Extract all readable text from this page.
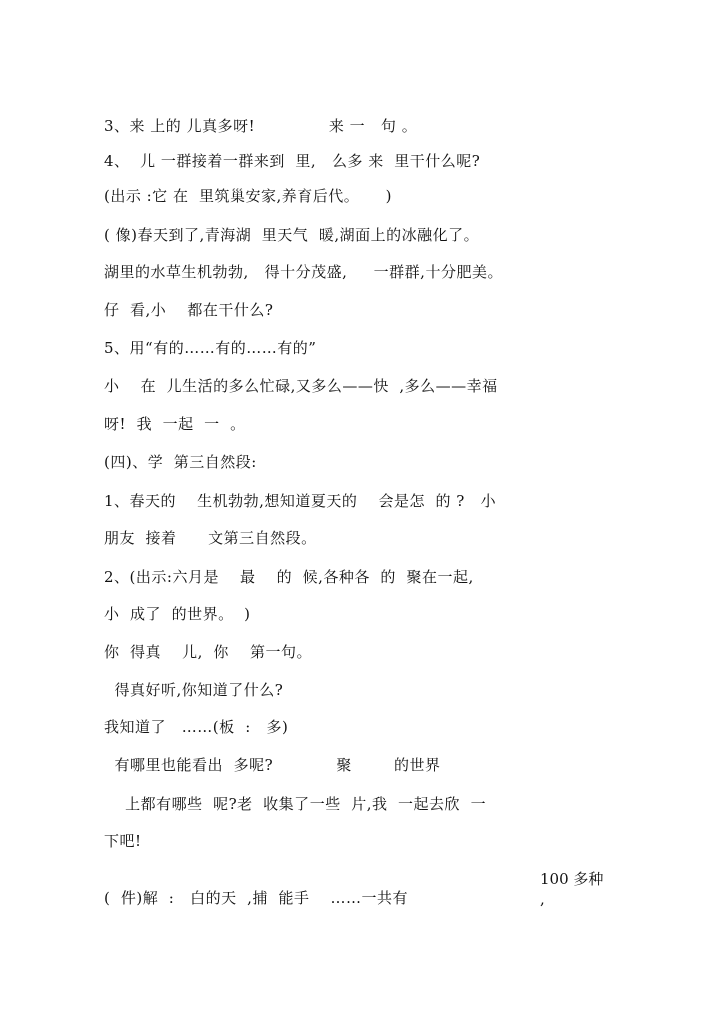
3、来 上的 儿真多呀!              来 一   句 。
4、  儿 一群接着一群来到  里,   么多 来  里干什么呢?
(出示 :它 在  里筑巢安家,养育后代。     )
( 像)春天到了,青海湖  里天气  暖,湖面上的冰融化了。
湖里的水草生机勃勃,   得十分茂盛,     一群群,十分肥美。
仔  看,小    都在干什么?
5、用“有的……有的……有的”
小    在  儿生活的多么忙碌,又多么——快  ,多么——幸福
呀!  我  一起  一  。
(四)、学  第三自然段:
1、春天的    生机勃勃,想知道夏天的    会是怎  的 ?   小
朋友  接着      文第三自然段。
2、(出示:六月是    最    的  候,各种各  的  聚在一起,
小  成了  的世界。  )
你  得真    儿,  你    第一句。
得真好听,你知道了什么?
我知道了   ……(板  :   多)
有哪里也能看出  多呢?            聚        的世界
上都有哪些  呢?老  收集了一些  片,我  一起去欣  一
下吧!
(  件)解  :   白的天  ,捕  能手    ……一共有
100 多种
,
